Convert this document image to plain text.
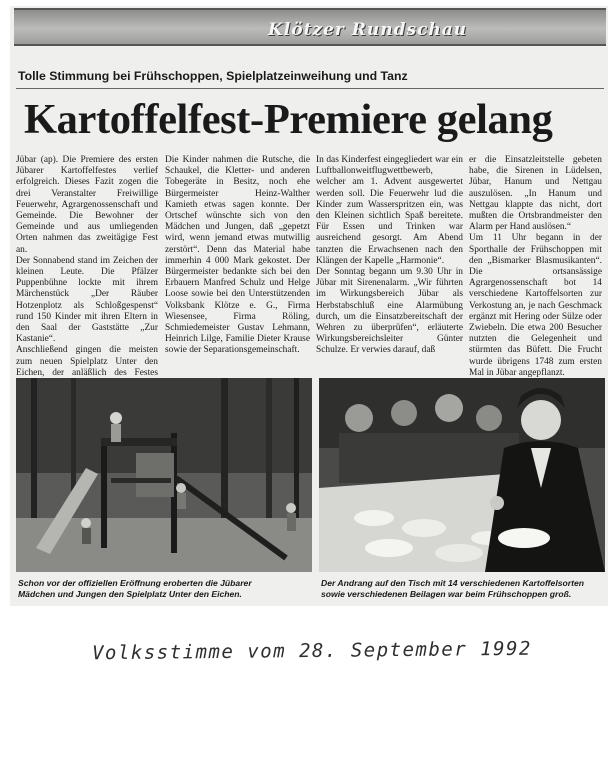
Klötzer Rundschau
Tolle Stimmung bei Frühschoppen, Spielplatzeinweihung und Tanz
Kartoffelfest-Premiere gelang
Jübar (ap). Die Premiere des ersten Jübarer Kartoffelfestes verlief erfolgreich. Dieses Fazit zogen die drei Veranstalter Freiwillige Feuerwehr, Agrargenossenschaft und Gemeinde. Die Bewohner der Gemeinde und aus umliegenden Orten nahmen das zweitägige Fest an.
Der Sonnabend stand im Zeichen der kleinen Leute. Die Pfälzer Puppenbühne lockte mit ihrem Märchenstück „Der Räuber Hotzenplotz als Schloßgespenst“ rund 150 Kinder mit ihren Eltern in den Saal der Gaststätte „Zur Kastanie“.
Anschließend gingen die meisten zum neuen Spielplatz Unter den Eichen, der anläßlich des Festes
Die Kinder nahmen die Rutsche, die Schaukel, die Kletter- und anderen Tobegeräte in Besitz, noch ehe Bürgermeister Heinz-Walther Kamieth etwas sagen konnte. Der Ortschef wünschte sich von den Mädchen und Jungen, daß „gepetzt wird, wenn jemand etwas mutwillig zerstört“. Denn das Material habe immerhin 4 000 Mark gekostet. Der Bürgermeister bedankte sich bei den Erbauern Manfred Schulz und Helge Loose sowie bei den Unterstützenden Volksbank Klötze e. G., Firma Wiesensee, Firma Röling, Schmiedemeister Gustav Lehmann, Heinrich Lilge, Familie Dieter Krause sowie der Separationsgemeinschaft.
In das Kinderfest eingegliedert war ein Luftballonweitflugwettbewerb, welcher am 1. Advent ausgewertet werden soll. Die Feuerwehr lud die Kinder zum Wasserspritzen ein, was den Kleinen sichtlich Spaß bereitete. Für Essen und Trinken war ausreichend gesorgt. Am Abend tanzten die Erwachsenen nach den Klängen der Kapelle „Harmonie“.
Der Sonntag begann um 9.30 Uhr in Jübar mit Sirenenalarm. „Wir führten im Wirkungsbereich Jübar als Herbstabschluß eine Alarmübung durch, um die Einsatzbereitschaft der Wehren zu überprüfen“, erläuterte Wirkungsbereichsleiter Günter Schulze. Er verwies darauf, daß
er die Einsatzleitstelle gebeten habe, die Sirenen in Lüdelsen, Jübar, Hanum und Nettgau auszulösen. „In Hanum und Nettgau klappte das nicht, dort mußten die Ortsbrandmeister den Alarm per Hand auslösen.“
Um 11 Uhr begann in der Sporthalle der Frühschoppen mit den „Bismarker Blasmusikanten“. Die ortsansässige Agrargenossenschaft bot 14 verschiedene Kartoffelsorten zur Verkostung an, je nach Geschmack ergänzt mit Hering oder Sülze oder Zwiebeln. Die etwa 200 Besucher nutzten die Gelegenheit und stürmten das Büfett. Die Frucht wurde übrigens 1748 zum ersten Mal in Jübar angepflanzt.
Schon vor der offiziellen Eröffnung eroberten die Jübarer
Mädchen und Jungen den Spielplatz Unter den Eichen.
Der Andrang auf den Tisch mit 14 verschiedenen Kartoffelsorten
sowie verschiedenen Beilagen war beim Frühschoppen groß.
Volksstimme vom 28. September 1992
